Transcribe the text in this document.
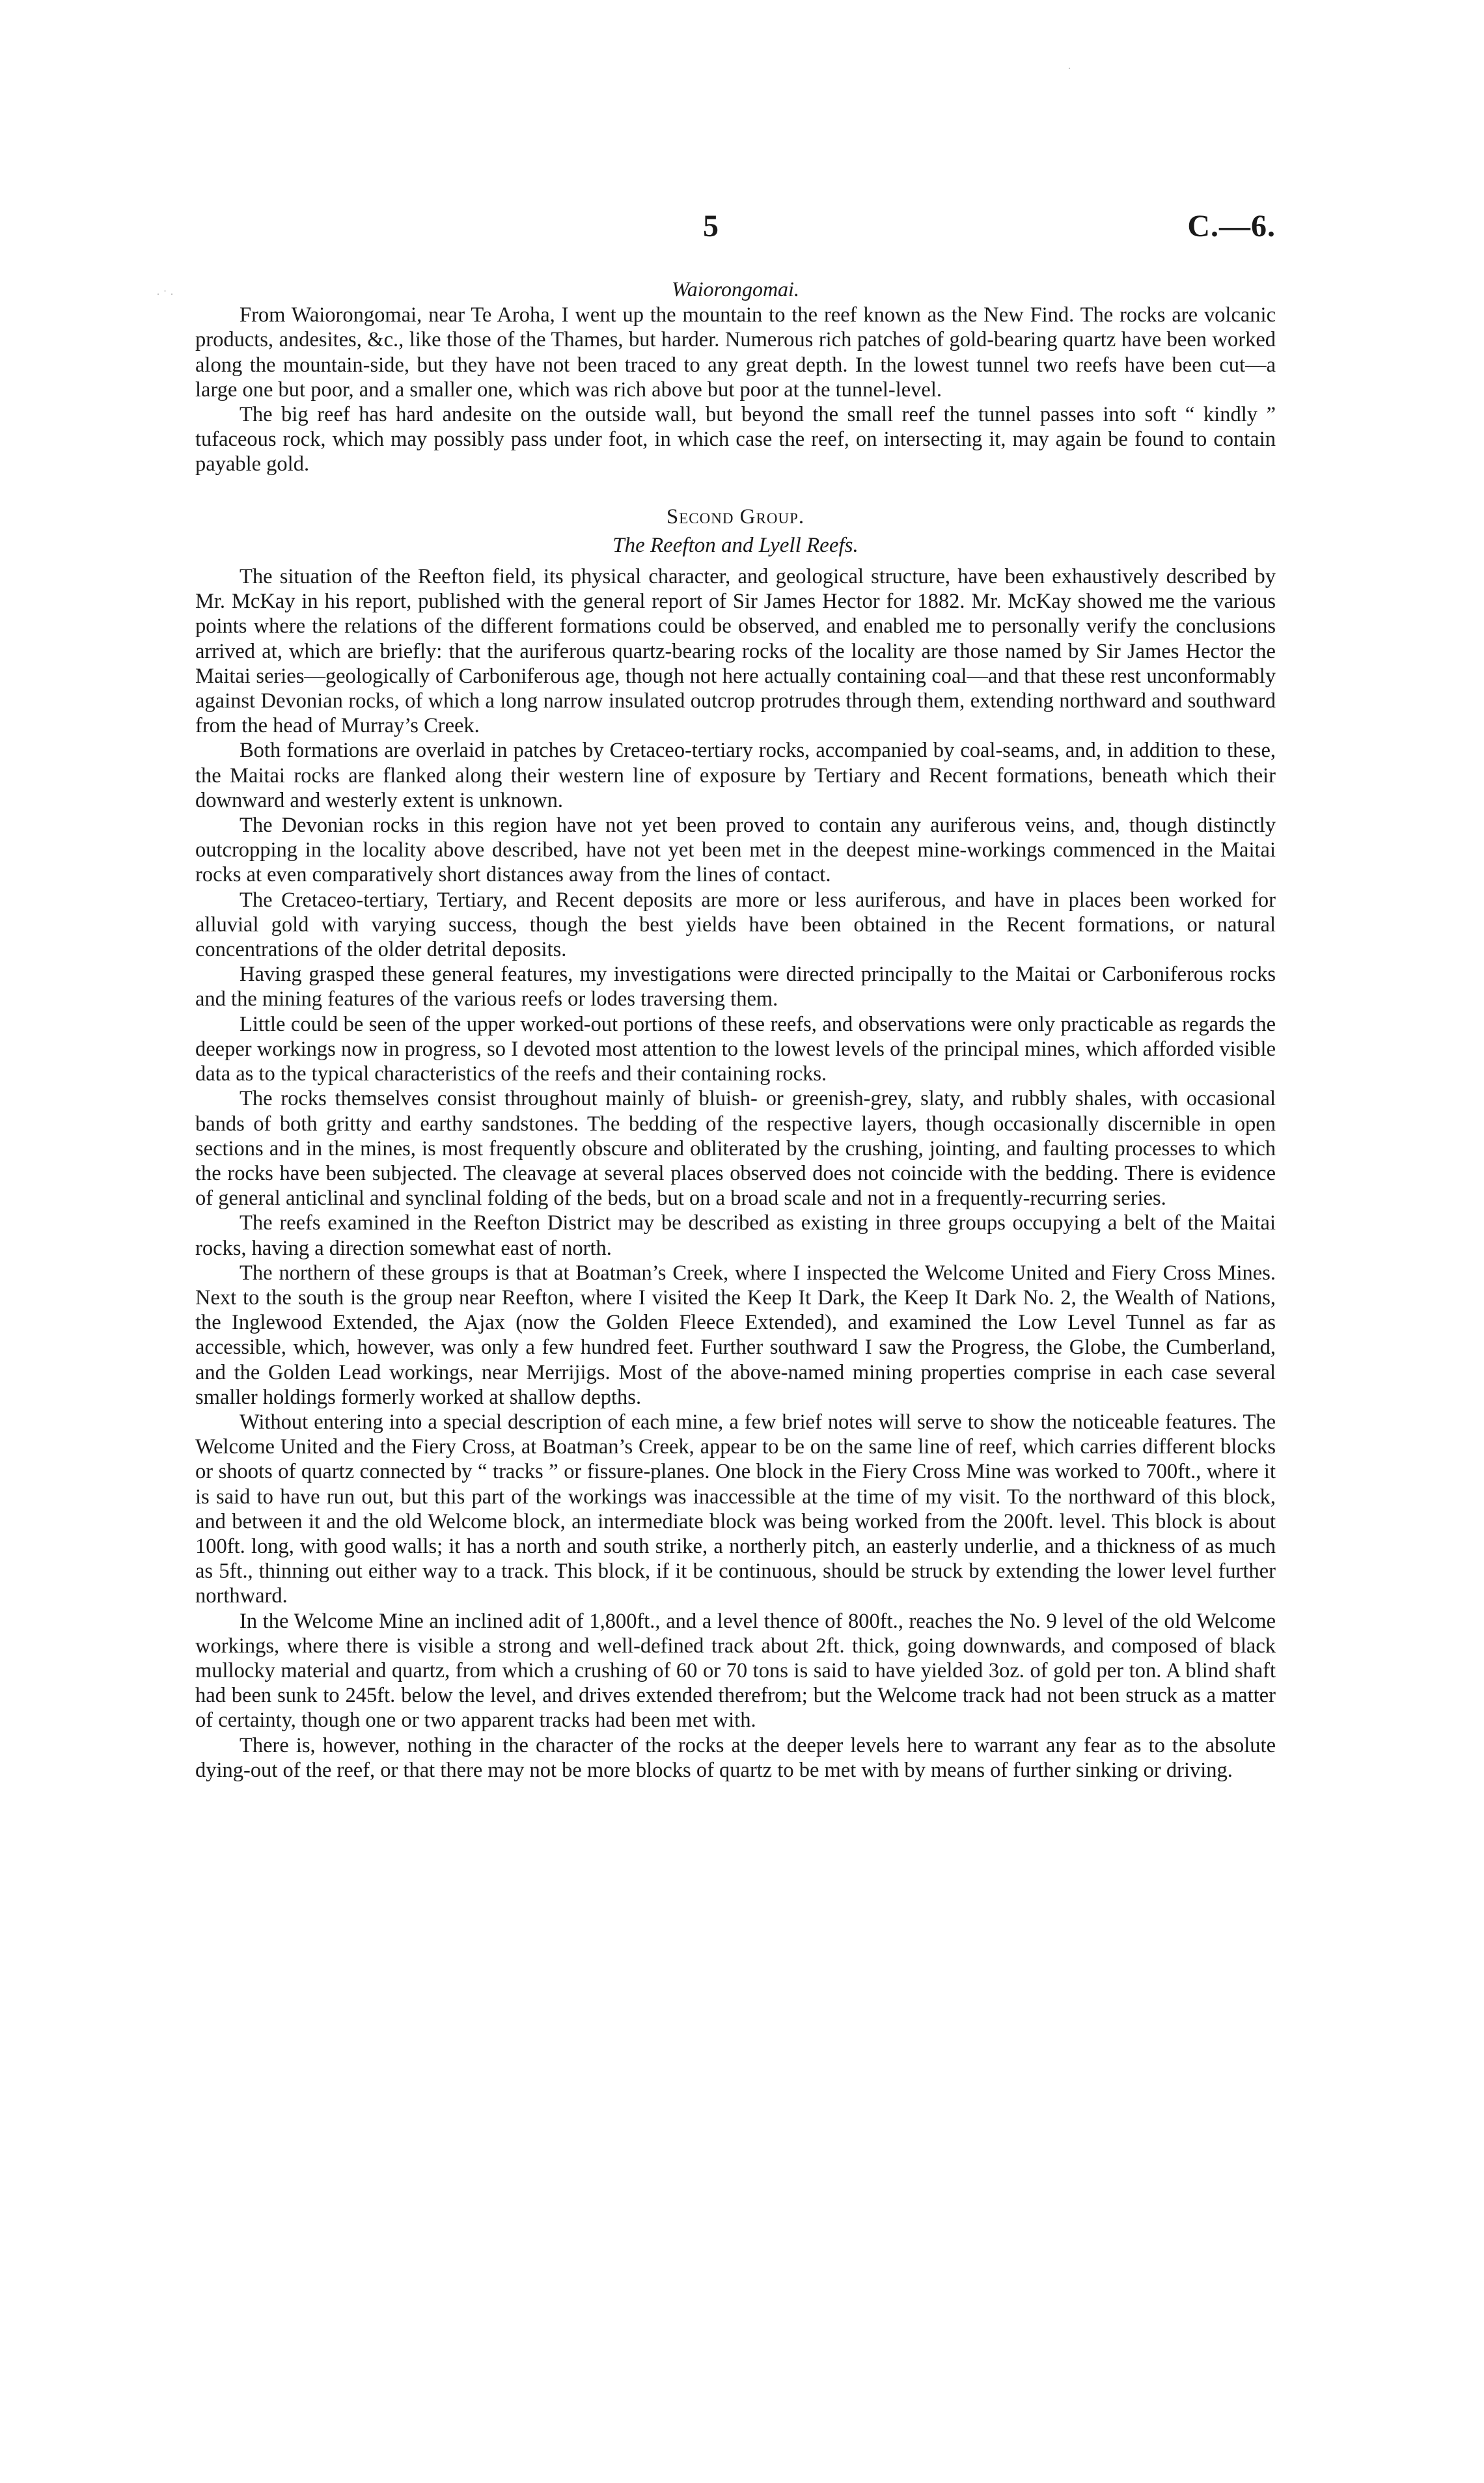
·
· ˙ ·
5	C.—6.
Waiorongomai.

From Waiorongomai, near Te Aroha, I went up the mountain to the reef known as the New Find. The rocks are volcanic products, andesites, &c., like those of the Thames, but harder. Numerous rich patches of gold-bearing quartz have been worked along the mountain-side, but they have not been traced to any great depth. In the lowest tunnel two reefs have been cut—a large one but poor, and a smaller one, which was rich above but poor at the tunnel-level.

The big reef has hard andesite on the outside wall, but beyond the small reef the tunnel passes into soft “ kindly ” tufaceous rock, which may possibly pass under foot, in which case the reef, on intersecting it, may again be found to contain payable gold.

Second Group.
The Reefton and Lyell Reefs.

The situation of the Reefton field, its physical character, and geological structure, have been exhaustively described by Mr. McKay in his report, published with the general report of Sir James Hector for 1882. Mr. McKay showed me the various points where the relations of the different formations could be observed, and enabled me to personally verify the conclusions arrived at, which are briefly: that the auriferous quartz-bearing rocks of the locality are those named by Sir James Hector the Maitai series—geologically of Carboniferous age, though not here actually containing coal—and that these rest unconformably against Devonian rocks, of which a long narrow insulated outcrop protrudes through them, extending northward and southward from the head of Murray’s Creek.

Both formations are overlaid in patches by Cretaceo-tertiary rocks, accompanied by coal-seams, and, in addition to these, the Maitai rocks are flanked along their western line of exposure by Tertiary and Recent formations, beneath which their downward and westerly extent is unknown.

The Devonian rocks in this region have not yet been proved to contain any auriferous veins, and, though distinctly outcropping in the locality above described, have not yet been met in the deepest mine-workings commenced in the Maitai rocks at even comparatively short distances away from the lines of contact.

The Cretaceo-tertiary, Tertiary, and Recent deposits are more or less auriferous, and have in places been worked for alluvial gold with varying success, though the best yields have been obtained in the Recent formations, or natural concentrations of the older detrital deposits.

Having grasped these general features, my investigations were directed principally to the Maitai or Carboniferous rocks and the mining features of the various reefs or lodes traversing them.

Little could be seen of the upper worked-out portions of these reefs, and observations were only practicable as regards the deeper workings now in progress, so I devoted most attention to the lowest levels of the principal mines, which afforded visible data as to the typical characteristics of the reefs and their containing rocks.

The rocks themselves consist throughout mainly of bluish- or greenish-grey, slaty, and rubbly shales, with occasional bands of both gritty and earthy sandstones. The bedding of the respective layers, though occasionally discernible in open sections and in the mines, is most frequently obscure and obliterated by the crushing, jointing, and faulting processes to which the rocks have been subjected. The cleavage at several places observed does not coincide with the bedding. There is evidence of general anticlinal and synclinal folding of the beds, but on a broad scale and not in a frequently-recurring series.

The reefs examined in the Reefton District may be described as existing in three groups occupying a belt of the Maitai rocks, having a direction somewhat east of north.

The northern of these groups is that at Boatman’s Creek, where I inspected the Welcome United and Fiery Cross Mines. Next to the south is the group near Reefton, where I visited the Keep It Dark, the Keep It Dark No. 2, the Wealth of Nations, the Inglewood Extended, the Ajax (now the Golden Fleece Extended), and examined the Low Level Tunnel as far as accessible, which, however, was only a few hundred feet. Further southward I saw the Progress, the Globe, the Cumberland, and the Golden Lead workings, near Merrijigs. Most of the above-named mining properties comprise in each case several smaller holdings formerly worked at shallow depths.

Without entering into a special description of each mine, a few brief notes will serve to show the noticeable features. The Welcome United and the Fiery Cross, at Boatman’s Creek, appear to be on the same line of reef, which carries different blocks or shoots of quartz connected by “ tracks ” or fissure-planes. One block in the Fiery Cross Mine was worked to 700ft., where it is said to have run out, but this part of the workings was inaccessible at the time of my visit. To the northward of this block, and between it and the old Welcome block, an intermediate block was being worked from the 200ft. level. This block is about 100ft. long, with good walls; it has a north and south strike, a northerly pitch, an easterly underlie, and a thickness of as much as 5ft., thinning out either way to a track. This block, if it be continuous, should be struck by extending the lower level further northward.

In the Welcome Mine an inclined adit of 1,800ft., and a level thence of 800ft., reaches the No. 9 level of the old Welcome workings, where there is visible a strong and well-defined track about 2ft. thick, going downwards, and composed of black mullocky material and quartz, from which a crushing of 60 or 70 tons is said to have yielded 3oz. of gold per ton. A blind shaft had been sunk to 245ft. below the level, and drives extended therefrom; but the Welcome track had not been struck as a matter of certainty, though one or two apparent tracks had been met with.

There is, however, nothing in the character of the rocks at the deeper levels here to warrant any fear as to the absolute dying-out of the reef, or that there may not be more blocks of quartz to be met with by means of further sinking or driving.
